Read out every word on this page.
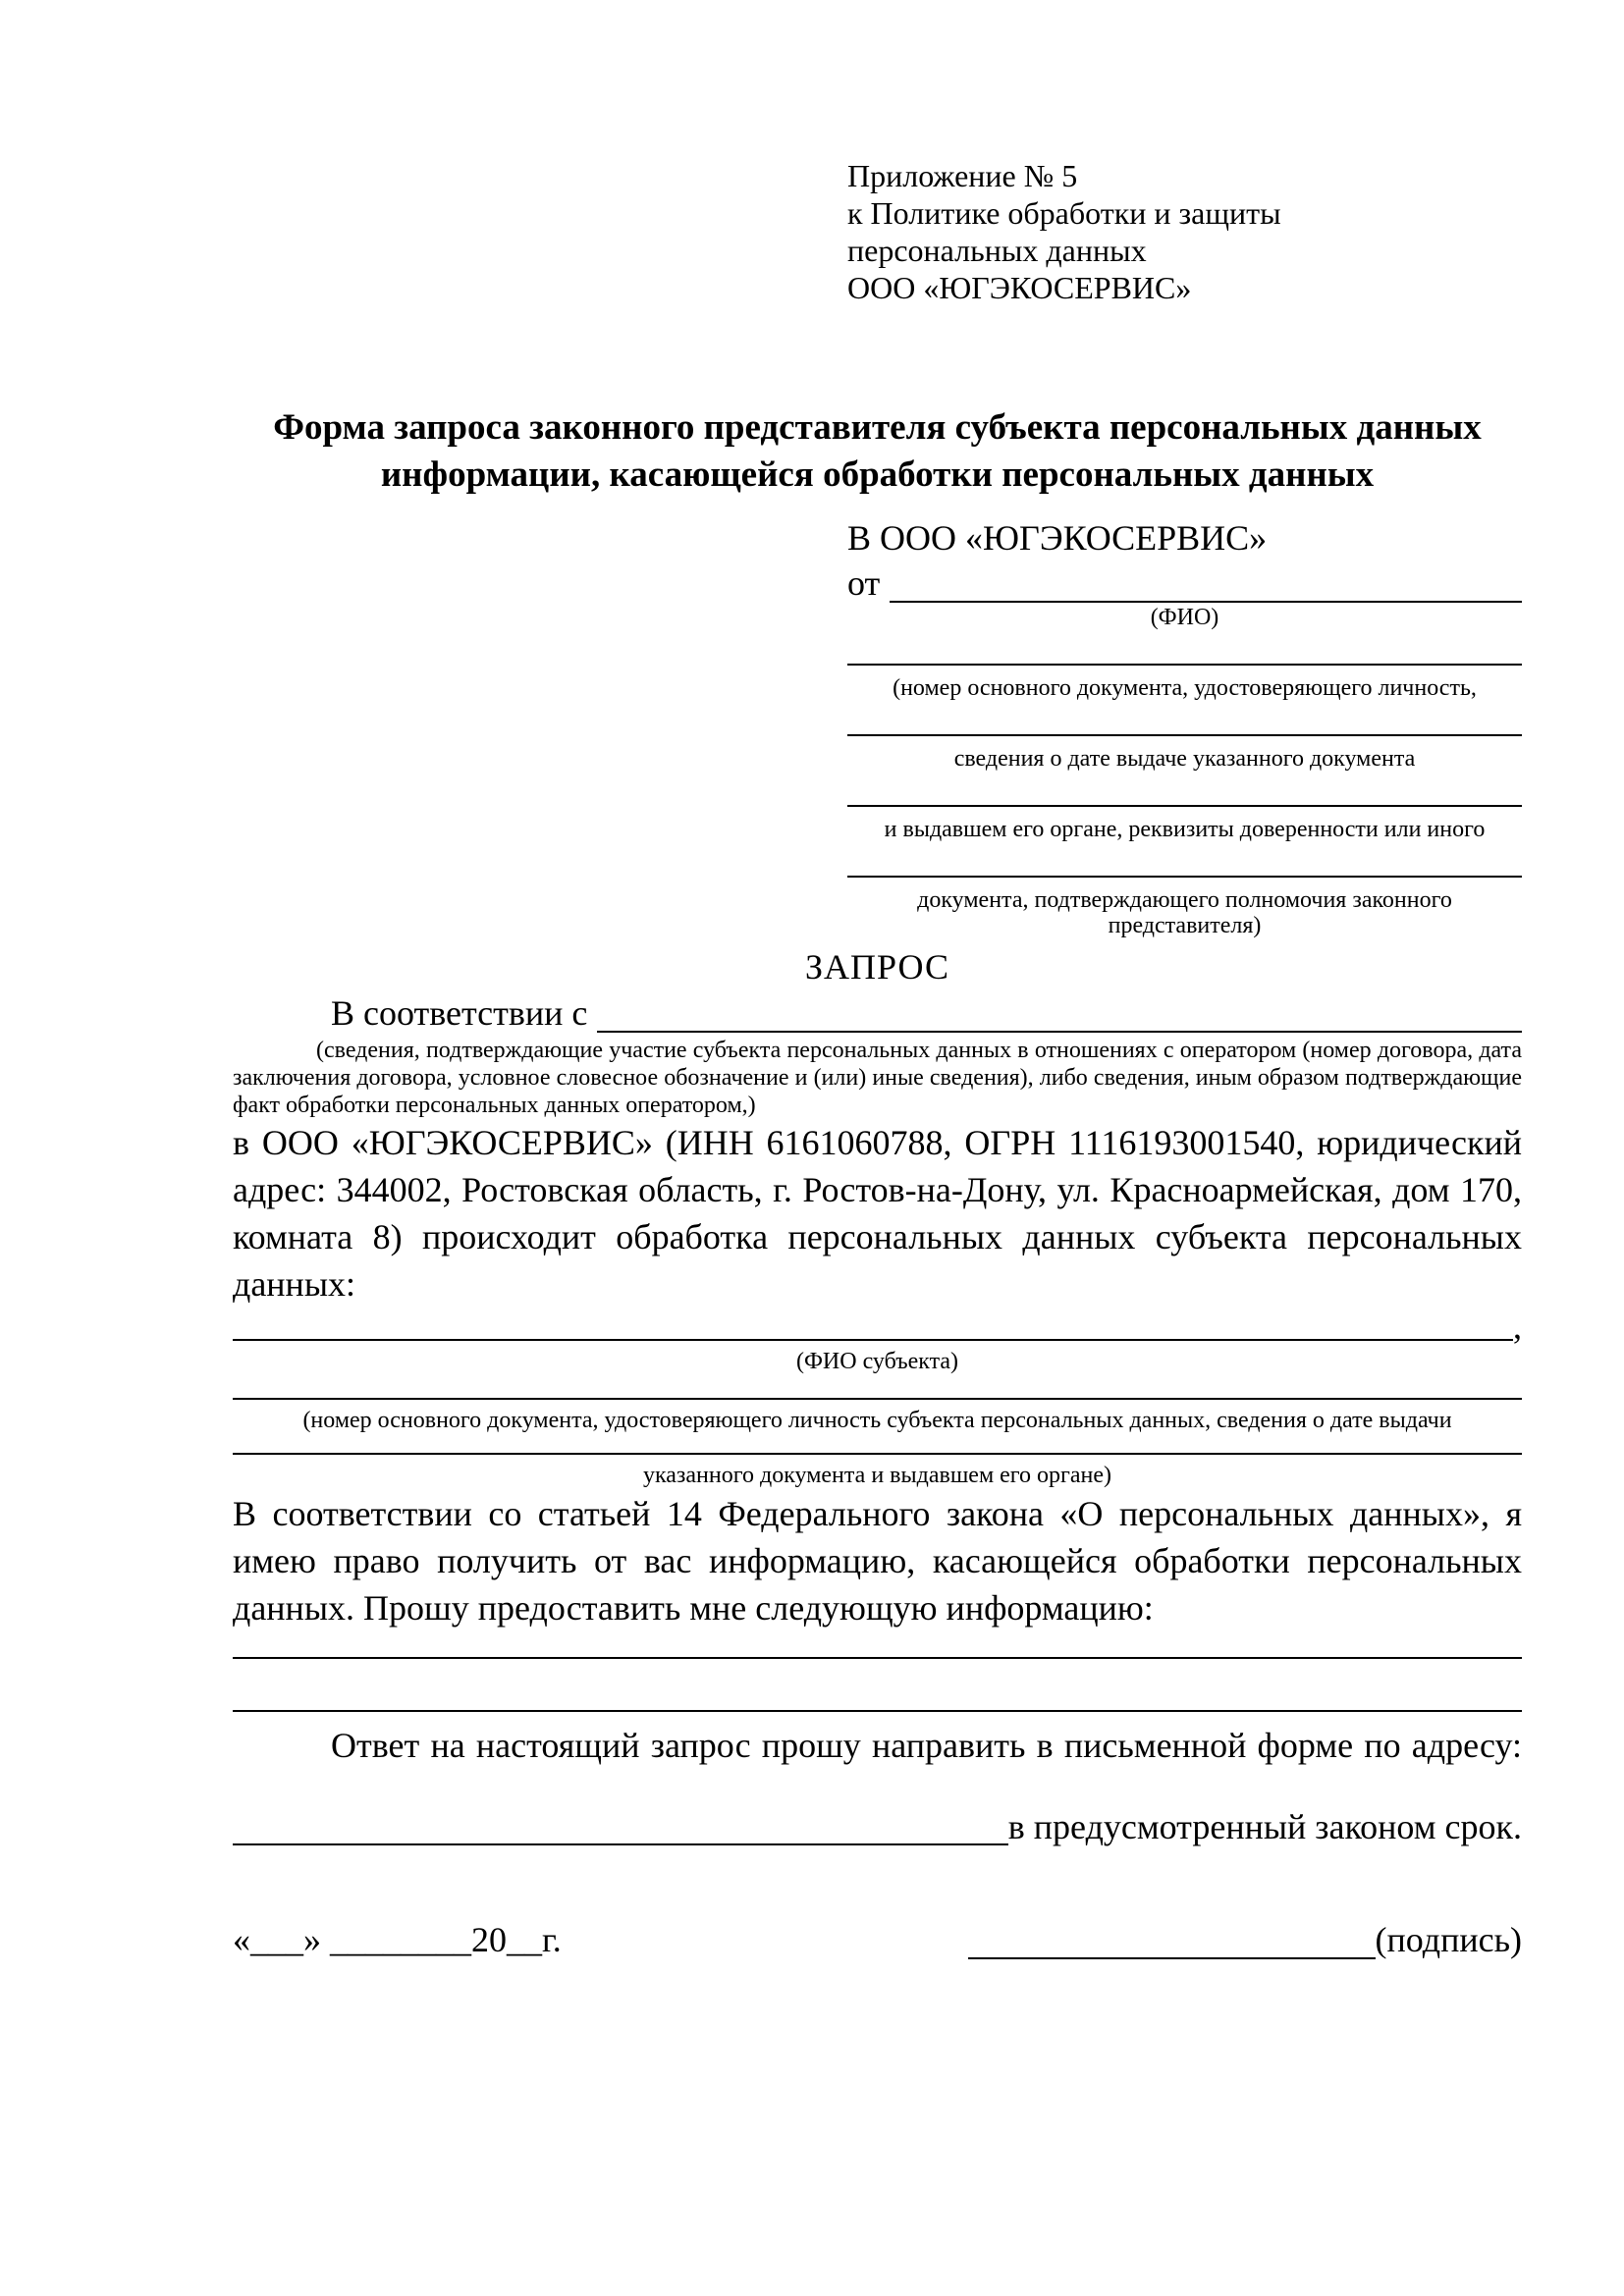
Приложение № 5
к Политике обработки и защиты
персональных данных
ООО «ЮГЭКОСЕРВИС»
Форма запроса законного представителя субъекта персональных данных
информации, касающейся обработки персональных данных
В ООО «ЮГЭКОСЕРВИС»
от
(ФИО)
(номер основного документа, удостоверяющего личность,
сведения о дате выдаче указанного документа
и выдавшем его органе, реквизиты доверенности или иного
документа, подтверждающего полномочия законного представителя)
ЗАПРОС
В соответствии с
(сведения, подтверждающие участие субъекта персональных данных в отношениях с оператором (номер договора, дата заключения договора, условное словесное обозначение и (или) иные сведения), либо сведения, иным образом подтверждающие факт обработки персональных данных оператором,)

в ООО «ЮГЭКОСЕРВИС» (ИНН 6161060788, ОГРН 1116193001540, юридический адрес: 344002, Ростовская область, г. Ростов-на-Дону, ул. Красноармейская, дом 170, комната 8) происходит обработка персональных данных субъекта персональных данных:

,
(ФИО субъекта)
(номер основного документа, удостоверяющего личность субъекта персональных данных, сведения о дате выдачи
указанного документа и выдавшем его органе)

В соответствии со статьей 14 Федерального закона «О персональных данных», я имею право получить от вас информацию, касающейся обработки персональных данных. Прошу предоставить мне следующую информацию:

Ответ на настоящий запрос прошу направить в письменной форме по адресу:

в предусмотренный законом срок.
«___» ________20__г.	(подпись)
